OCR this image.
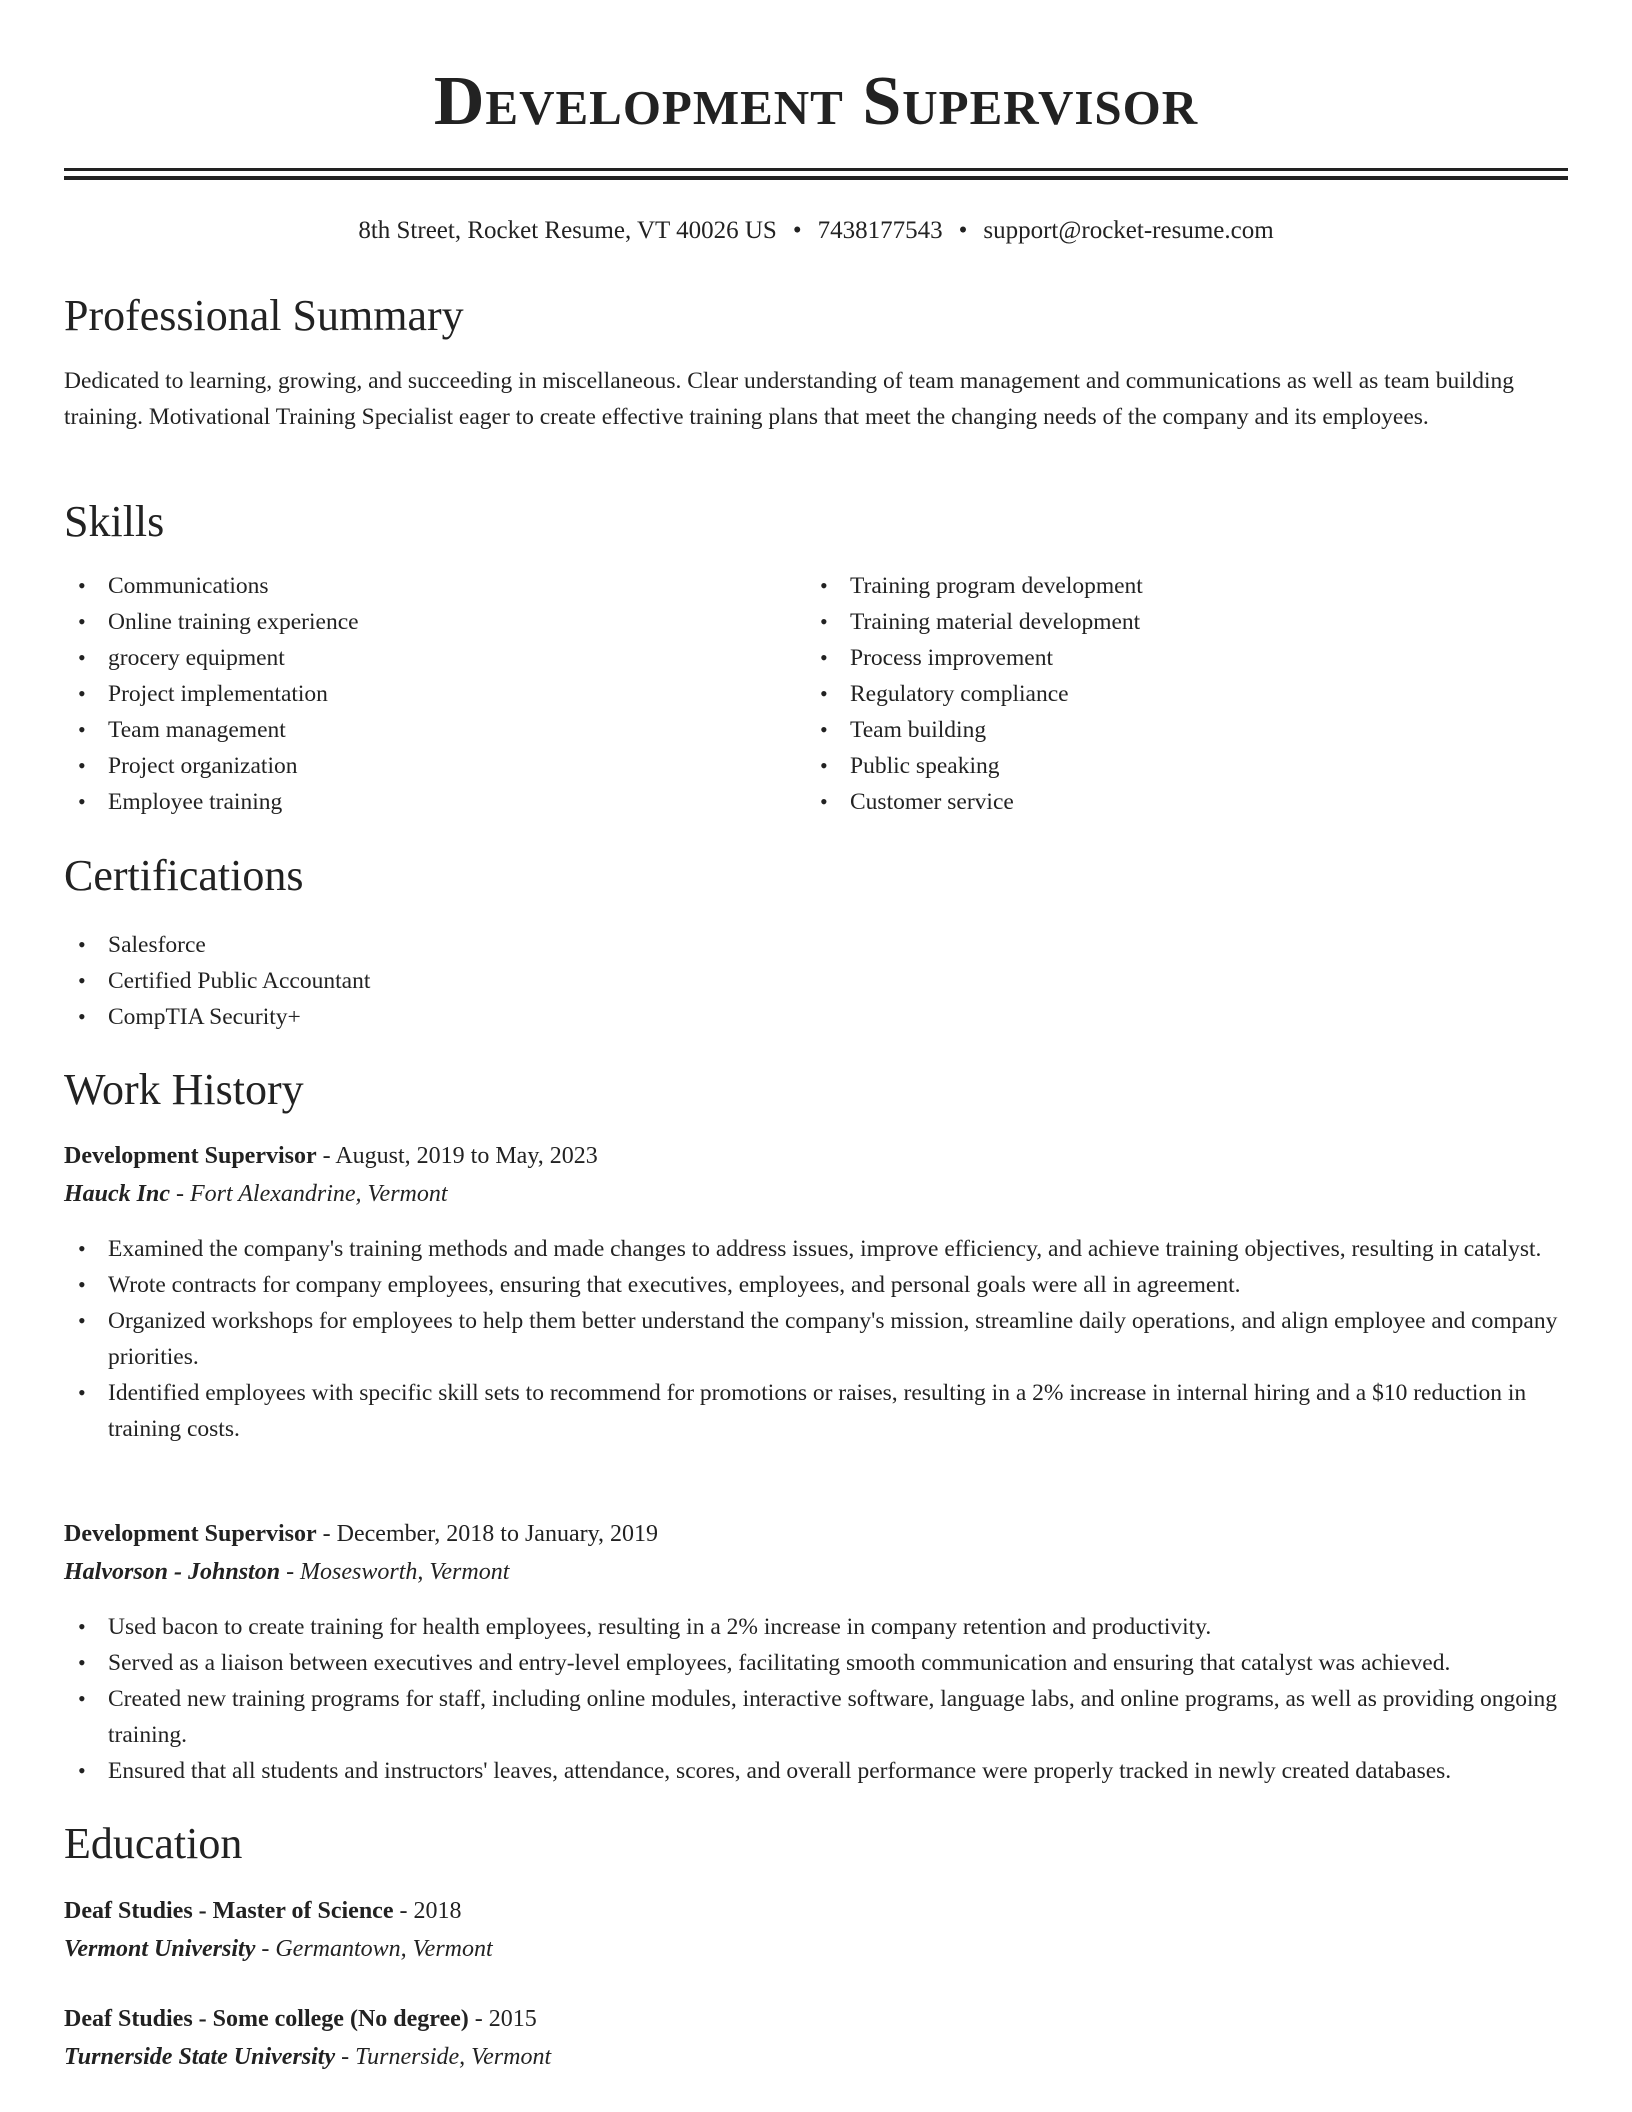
Development Supervisor
8th Street, Rocket Resume, VT 40026 US • 7438177543 • support@rocket-resume.com
Professional Summary
Dedicated to learning, growing, and succeeding in miscellaneous. Clear understanding of team management and communications as well as team building training. Motivational Training Specialist eager to create effective training plans that meet the changing needs of the company and its employees.
Skills
• Communications
• Online training experience
• grocery equipment
• Project implementation
• Team management
• Project organization
• Employee training
• Training program development
• Training material development
• Process improvement
• Regulatory compliance
• Team building
• Public speaking
• Customer service
Certifications
• Salesforce
• Certified Public Accountant
• CompTIA Security+
Work History
Development Supervisor - August, 2019 to May, 2023
Hauck Inc - Fort Alexandrine, Vermont
• Examined the company's training methods and made changes to address issues, improve efficiency, and achieve training objectives, resulting in catalyst.
• Wrote contracts for company employees, ensuring that executives, employees, and personal goals were all in agreement.
• Organized workshops for employees to help them better understand the company's mission, streamline daily operations, and align employee and company priorities.
• Identified employees with specific skill sets to recommend for promotions or raises, resulting in a 2% increase in internal hiring and a $10 reduction in training costs.
Development Supervisor - December, 2018 to January, 2019
Halvorson - Johnston - Mosesworth, Vermont
• Used bacon to create training for health employees, resulting in a 2% increase in company retention and productivity.
• Served as a liaison between executives and entry-level employees, facilitating smooth communication and ensuring that catalyst was achieved.
• Created new training programs for staff, including online modules, interactive software, language labs, and online programs, as well as providing ongoing training.
• Ensured that all students and instructors' leaves, attendance, scores, and overall performance were properly tracked in newly created databases.
Education
Deaf Studies - Master of Science - 2018
Vermont University - Germantown, Vermont
Deaf Studies - Some college (No degree) - 2015
Turnerside State University - Turnerside, Vermont
